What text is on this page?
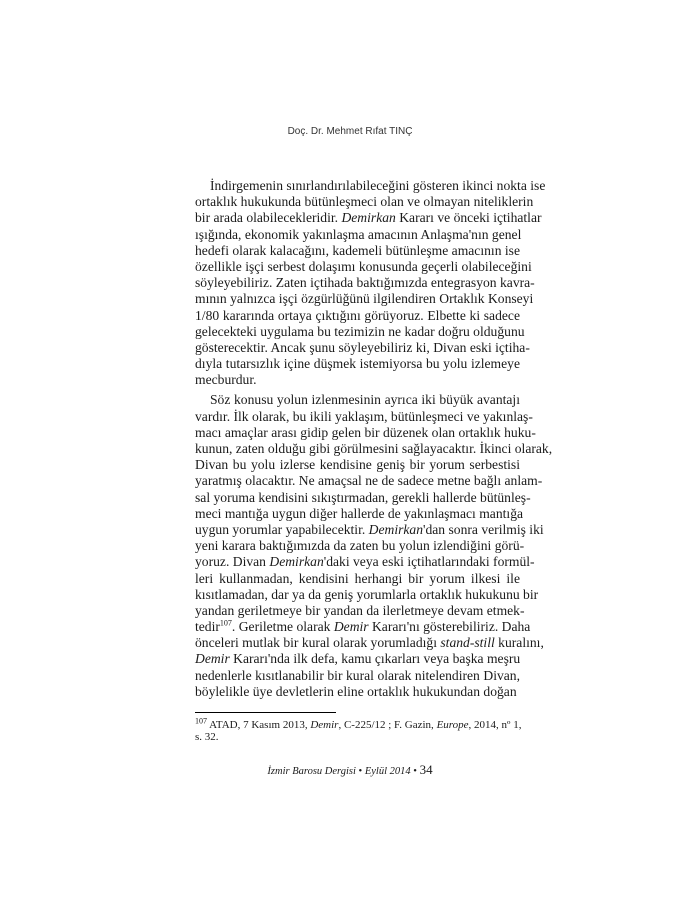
Doç. Dr. Mehmet Rıfat TINÇ
İndirgemenin sınırlandırılabileceğini gösteren ikinci nokta ise
ortaklık hukukunda bütünleşmeci olan ve olmayan niteliklerin
bir arada olabilecekleridir. Demirkan Kararı ve önceki içtihatlar
ışığında, ekonomik yakınlaşma amacının Anlaşma'nın genel
hedefi olarak kalacağını, kademeli bütünleşme amacının ise
özellikle işçi serbest dolaşımı konusunda geçerli olabileceğini
söyleyebiliriz. Zaten içtihada baktığımızda entegrasyon kavra-
mının yalnızca işçi özgürlüğünü ilgilendiren Ortaklık Konseyi
1/80 kararında ortaya çıktığını görüyoruz. Elbette ki sadece
gelecekteki uygulama bu tezimizin ne kadar doğru olduğunu
gösterecektir. Ancak şunu söyleyebiliriz ki, Divan eski içtiha-
dıyla tutarsızlık içine düşmek istemiyorsa bu yolu izlemeye
mecburdur.
Söz konusu yolun izlenmesinin ayrıca iki büyük avantajı
vardır. İlk olarak, bu ikili yaklaşım, bütünleşmeci ve yakınlaş-
macı amaçlar arası gidip gelen bir düzenek olan ortaklık huku-
kunun, zaten olduğu gibi görülmesini sağlayacaktır. İkinci olarak,
Divan bu yolu izlerse kendisine geniş bir yorum serbestisi
yaratmış olacaktır. Ne amaçsal ne de sadece metne bağlı anlam-
sal yoruma kendisini sıkıştırmadan, gerekli hallerde bütünleş-
meci mantığa uygun diğer hallerde de yakınlaşmacı mantığa
uygun yorumlar yapabilecektir. Demirkan'dan sonra verilmiş iki
yeni karara baktığımızda da zaten bu yolun izlendiğini görü-
yoruz. Divan Demirkan'daki veya eski içtihatlarındaki formül-
leri kullanmadan, kendisini herhangi bir yorum ilkesi ile
kısıtlamadan, dar ya da geniş yorumlarla ortaklık hukukunu bir
yandan geriletmeye bir yandan da ilerletmeye devam etmek-
tedir$^{107}$. Geriletme olarak Demir Kararı'nı gösterebiliriz. Daha
önceleri mutlak bir kural olarak yorumladığı stand-still kuralını,
Demir Kararı'nda ilk defa, kamu çıkarları veya başka meşru
nedenlerle kısıtlanabilir bir kural olarak nitelendiren Divan,
böylelikle üye devletlerin eline ortaklık hukukundan doğan
$^{107}$ ATAD, 7 Kasım 2013, Demir, C-225/12 ; F. Gazin, Europe, 2014, nº 1, s. 32.
İzmir Barosu Dergisi • Eylül 2014 • 34
